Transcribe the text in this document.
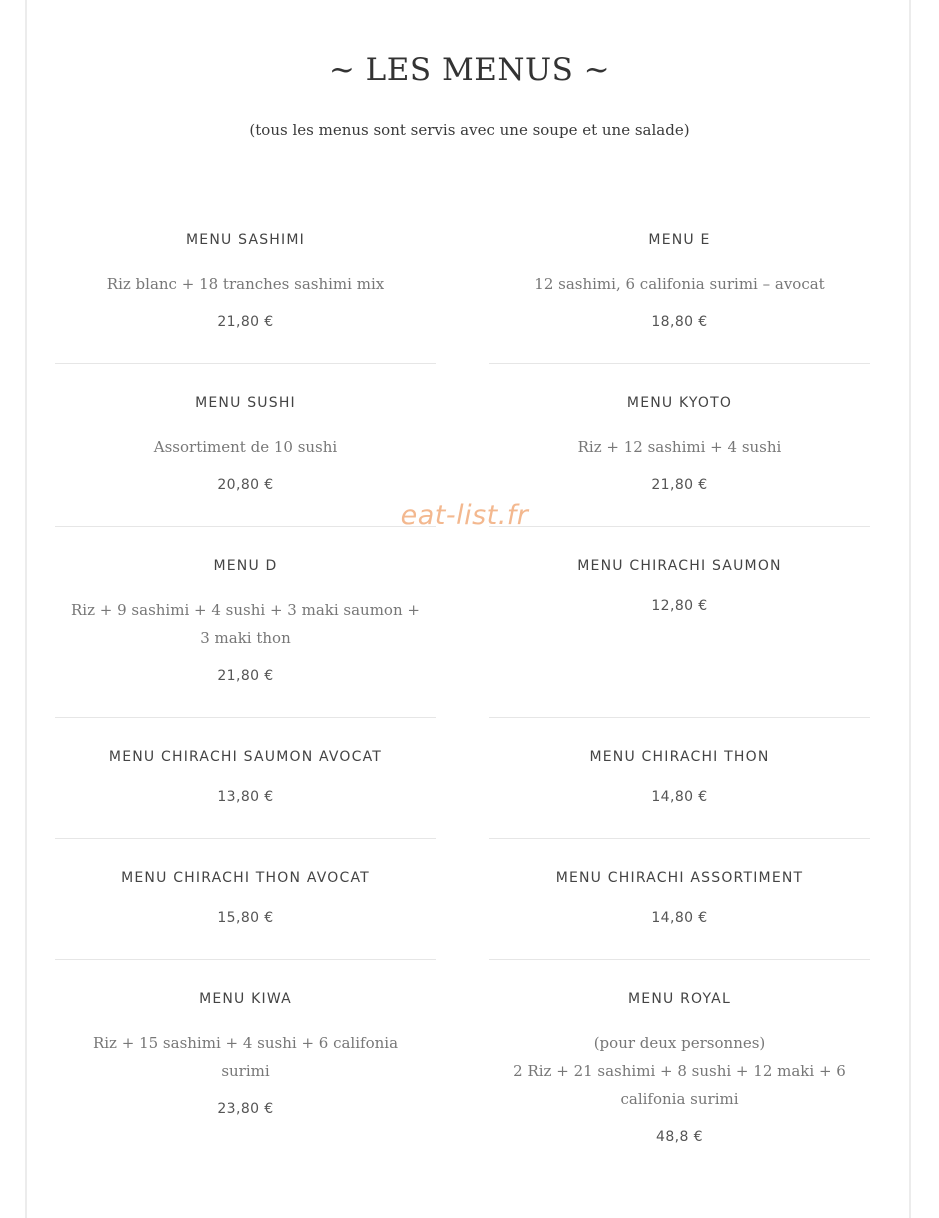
~ LES MENUS ~

(tous les menus sont servis avec une soupe et une salade)

MENU SASHIMI

Riz blanc + 18 tranches sashimi mix

21,80 €

MENU E

12 sashimi, 6 califonia surimi – avocat

18,80 €

MENU SUSHI

Assortiment de 10 sushi

20,80 €

MENU KYOTO

Riz + 12 sashimi + 4 sushi

21,80 €

eat-list.fr

MENU D

Riz + 9 sashimi + 4 sushi + 3 maki saumon + 3 maki thon

21,80 €

MENU CHIRACHI SAUMON

12,80 €

MENU CHIRACHI SAUMON AVOCAT

13,80 €

MENU CHIRACHI THON

14,80 €

MENU CHIRACHI THON AVOCAT

15,80 €

MENU CHIRACHI ASSORTIMENT

14,80 €

MENU KIWA

Riz + 15 sashimi + 4 sushi + 6 califonia surimi

23,80 €

MENU ROYAL

(pour deux personnes)

2 Riz + 21 sashimi + 8 sushi + 12 maki + 6 califonia surimi

48,8 €
